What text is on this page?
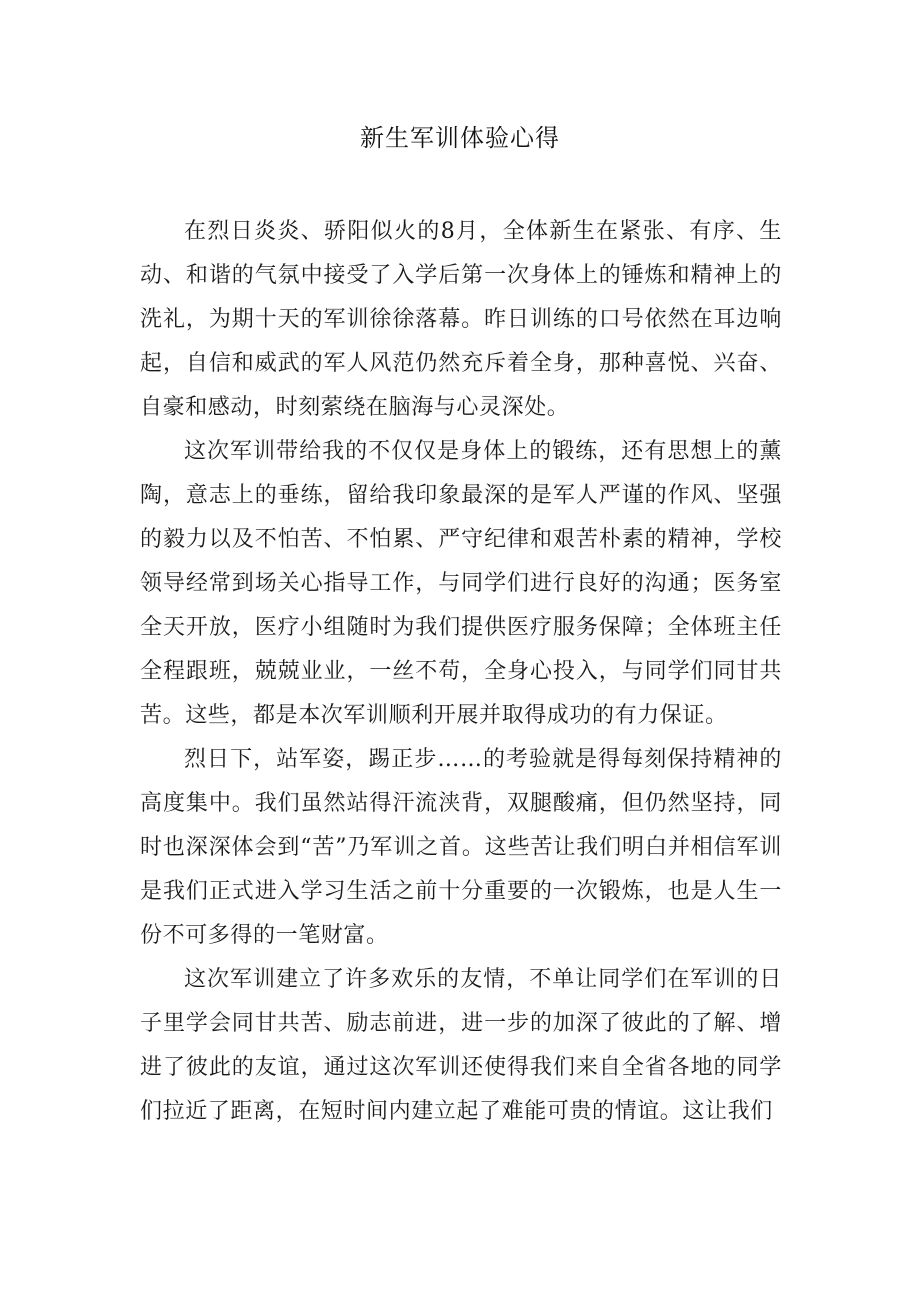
新生军训体验心得

在烈日炎炎、骄阳似火的8月，全体新生在紧张、有序、生动、和谐的气氛中接受了入学后第一次身体上的锤炼和精神上的洗礼，为期十天的军训徐徐落幕。昨日训练的口号依然在耳边响起，自信和威武的军人风范仍然充斥着全身，那种喜悦、兴奋、自豪和感动，时刻萦绕在脑海与心灵深处。

这次军训带给我的不仅仅是身体上的锻练，还有思想上的薰陶，意志上的垂练，留给我印象最深的是军人严谨的作风、坚强的毅力以及不怕苦、不怕累、严守纪律和艰苦朴素的精神，学校领导经常到场关心指导工作，与同学们进行良好的沟通；医务室全天开放，医疗小组随时为我们提供医疗服务保障；全体班主任全程跟班，兢兢业业，一丝不苟，全身心投入，与同学们同甘共苦。这些，都是本次军训顺利开展并取得成功的有力保证。

烈日下，站军姿，踢正步……的考验就是得每刻保持精神的高度集中。我们虽然站得汗流浃背，双腿酸痛，但仍然坚持，同时也深深体会到“苦”乃军训之首。这些苦让我们明白并相信军训是我们正式进入学习生活之前十分重要的一次锻炼，也是人生一份不可多得的一笔财富。

这次军训建立了许多欢乐的友情，不单让同学们在军训的日子里学会同甘共苦、励志前进，进一步的加深了彼此的了解、增进了彼此的友谊，通过这次军训还使得我们来自全省各地的同学们拉近了距离，在短时间内建立起了难能可贵的情谊。这让我们
